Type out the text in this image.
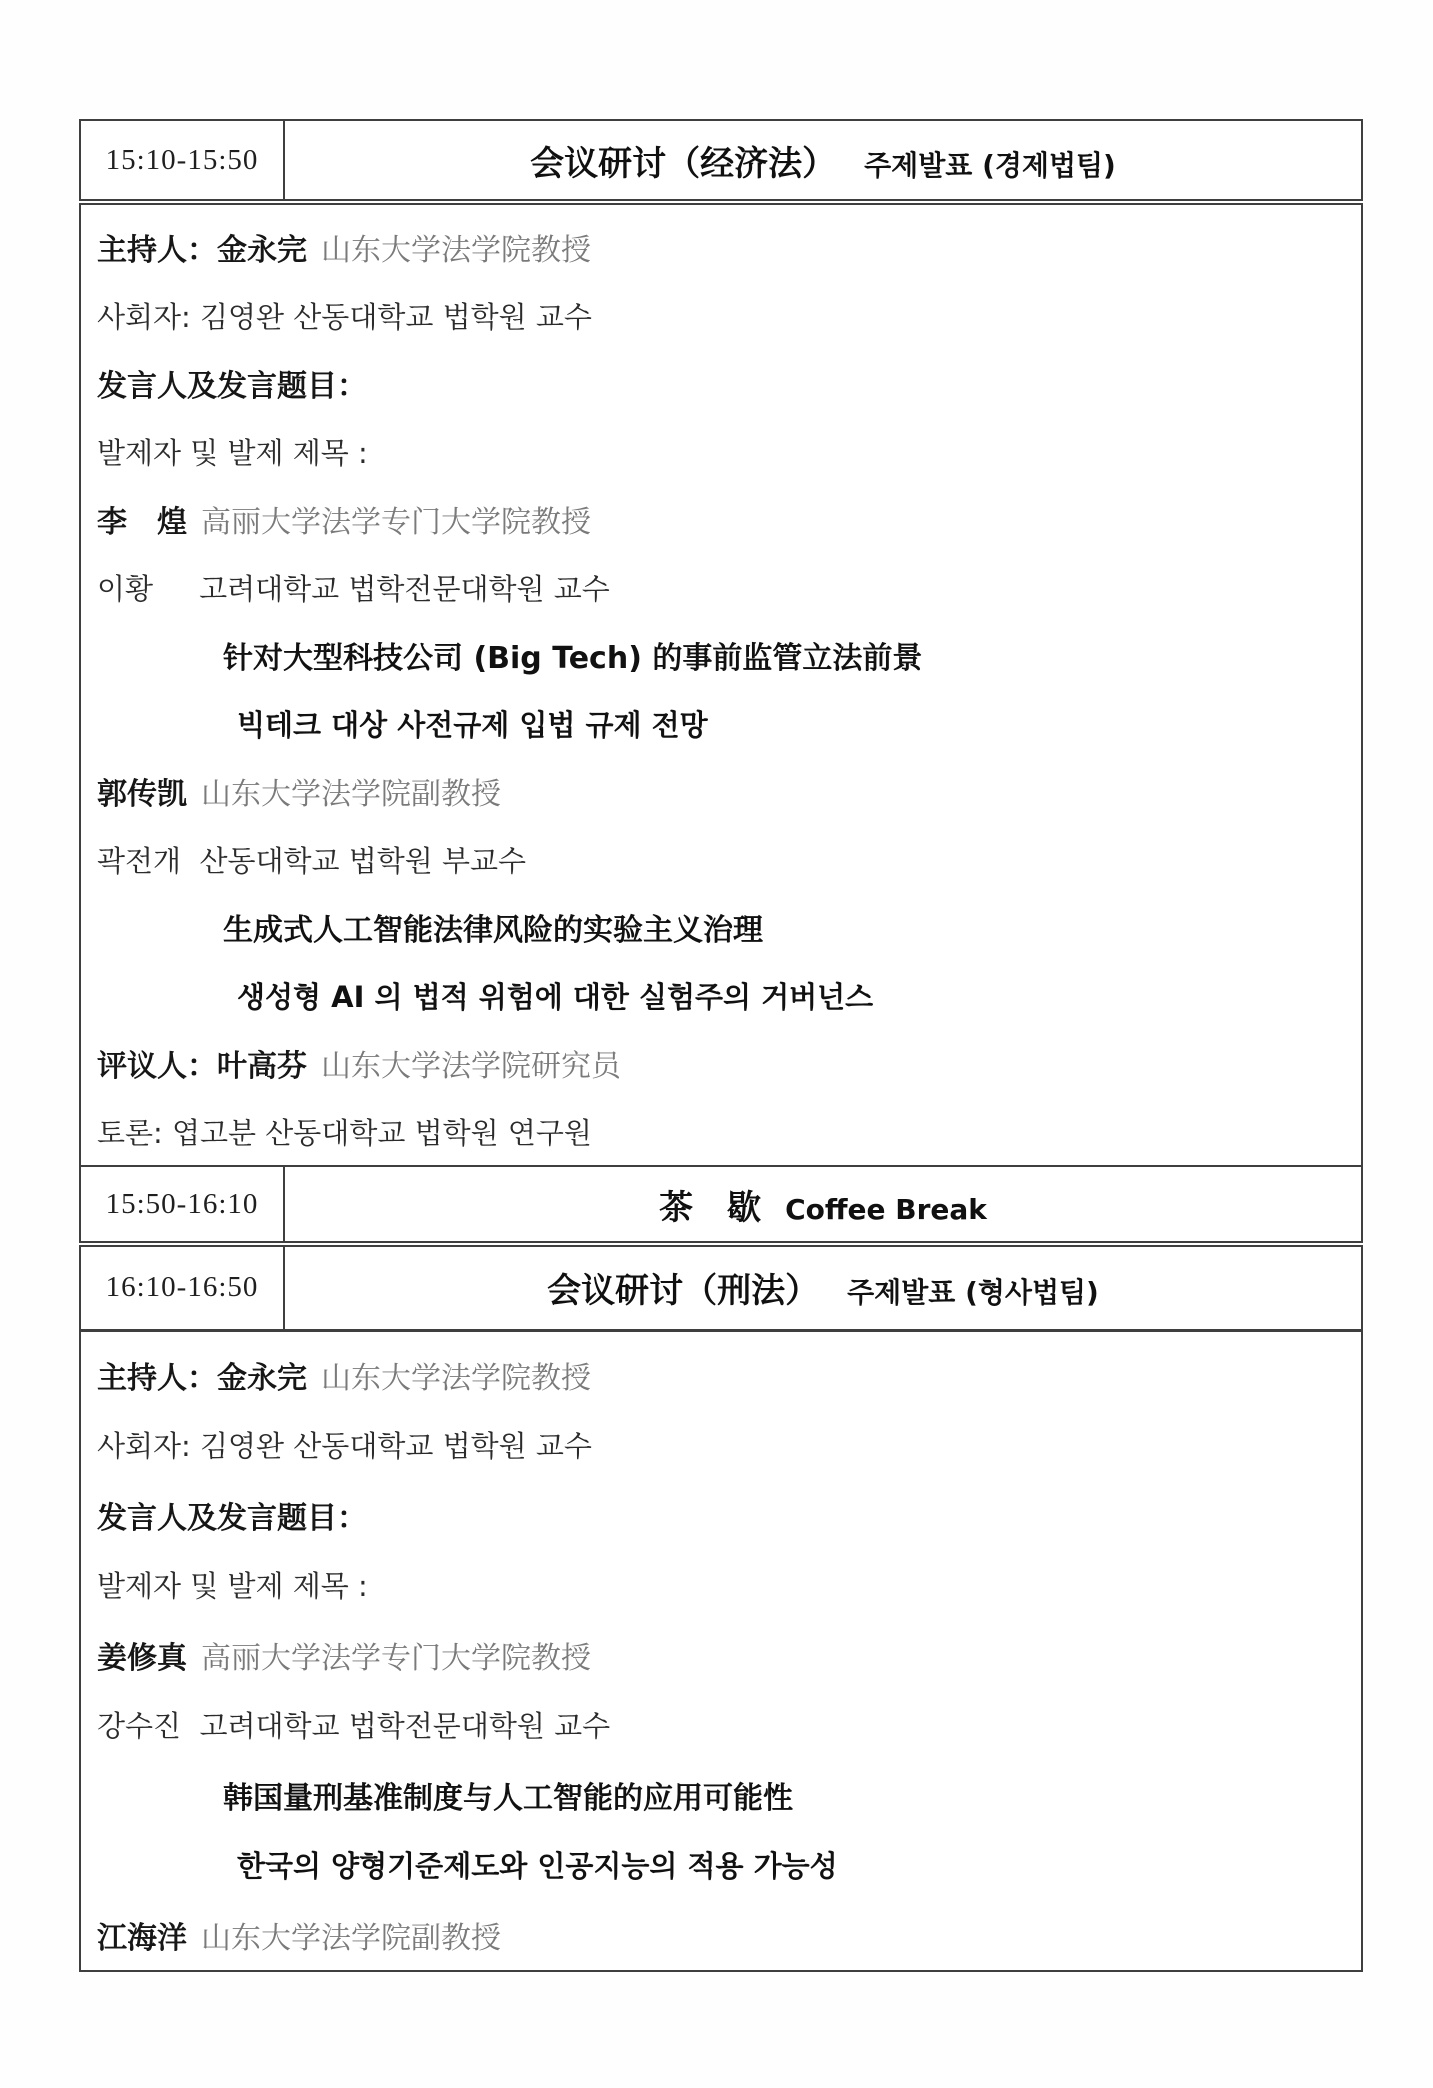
15:10-15:50	会议研讨（经济法） 주제발표 (경제법팀)

主持人：金永完 山东大学法学院教授
사회자: 김영완 산동대학교 법학원 교수
发言人及发言题目：
발제자 및 발제 제목 :
李　煌 高丽大学法学专门大学院教授
이황     고려대학교 법학전문대학원 교수
针对大型科技公司 (Big Tech) 的事前监管立法前景
빅테크 대상 사전규제 입법 규제 전망
郭传凯 山东大学法学院副教授
곽전개  산동대학교 법학원 부교수
生成式人工智能法律风险的实验主义治理
생성형 AI 의 법적 위험에 대한 실험주의 거버넌스
评议人：叶高芬 山东大学法学院研究员
토론: 엽고분 산동대학교 법학원 연구원

15:50-16:10	茶　歇 Coffee Break
16:10-16:50	会议研讨（刑法） 주제발표 (형사법팀)

主持人：金永完 山东大学法学院教授
사회자: 김영완 산동대학교 법학원 교수
发言人及发言题目：
발제자 및 발제 제목 :
姜修真 高丽大学法学专门大学院教授
강수진  고려대학교 법학전문대학원 교수
韩国量刑基准制度与人工智能的应用可能性
한국의 양형기준제도와 인공지능의 적용 가능성
江海洋 山东大学法学院副教授
